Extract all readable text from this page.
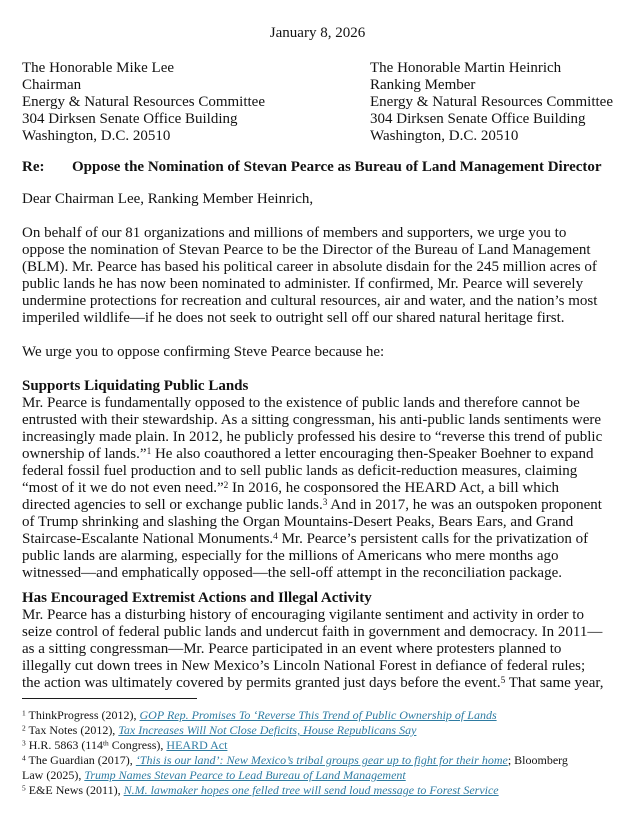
January 8, 2026
The Honorable Mike Lee
Chairman
Energy & Natural Resources Committee
304 Dirksen Senate Office Building
Washington, D.C. 20510
The Honorable Martin Heinrich
Ranking Member
Energy & Natural Resources Committee
304 Dirksen Senate Office Building
Washington, D.C. 20510
Re: Oppose the Nomination of Stevan Pearce as Bureau of Land Management Director
Dear Chairman Lee, Ranking Member Heinrich,
On behalf of our 81 organizations and millions of members and supporters, we urge you to
oppose the nomination of Stevan Pearce to be the Director of the Bureau of Land Management
(BLM). Mr. Pearce has based his political career in absolute disdain for the 245 million acres of
public lands he has now been nominated to administer. If confirmed, Mr. Pearce will severely
undermine protections for recreation and cultural resources, air and water, and the nation’s most
imperiled wildlife—if he does not seek to outright sell off our shared natural heritage first.
We urge you to oppose confirming Steve Pearce because he:
Supports Liquidating Public Lands
Mr. Pearce is fundamentally opposed to the existence of public lands and therefore cannot be
entrusted with their stewardship. As a sitting congressman, his anti-public lands sentiments were
increasingly made plain. In 2012, he publicly professed his desire to “reverse this trend of public
ownership of lands.”$^1$ He also coauthored a letter encouraging then-Speaker Boehner to expand
federal fossil fuel production and to sell public lands as deficit-reduction measures, claiming
“most of it we do not even need.”$^2$ In 2016, he cosponsored the HEARD Act, a bill which
directed agencies to sell or exchange public lands.$^3$ And in 2017, he was an outspoken proponent
of Trump shrinking and slashing the Organ Mountains-Desert Peaks, Bears Ears, and Grand
Staircase-Escalante National Monuments.$^4$ Mr. Pearce’s persistent calls for the privatization of
public lands are alarming, especially for the millions of Americans who mere months ago
witnessed—and emphatically opposed—the sell-off attempt in the reconciliation package.
Has Encouraged Extremist Actions and Illegal Activity
Mr. Pearce has a disturbing history of encouraging vigilante sentiment and activity in order to
seize control of federal public lands and undercut faith in government and democracy. In 2011—
as a sitting congressman—Mr. Pearce participated in an event where protesters planned to
illegally cut down trees in New Mexico’s Lincoln National Forest in defiance of federal rules;
the action was ultimately covered by permits granted just days before the event.$^5$ That same year,
$^1$ ThinkProgress (2012), GOP Rep. Promises To ‘Reverse This Trend of Public Ownership of Lands
$^2$ Tax Notes (2012), Tax Increases Will Not Close Deficits, House Republicans Say
$^3$ H.R. 5863 (114th Congress), HEARD Act
$^4$ The Guardian (2017), ‘This is our land’: New Mexico’s tribal groups gear up to fight for their home; Bloomberg
Law (2025), Trump Names Stevan Pearce to Lead Bureau of Land Management
$^5$ E&E News (2011), N.M. lawmaker hopes one felled tree will send loud message to Forest Service
